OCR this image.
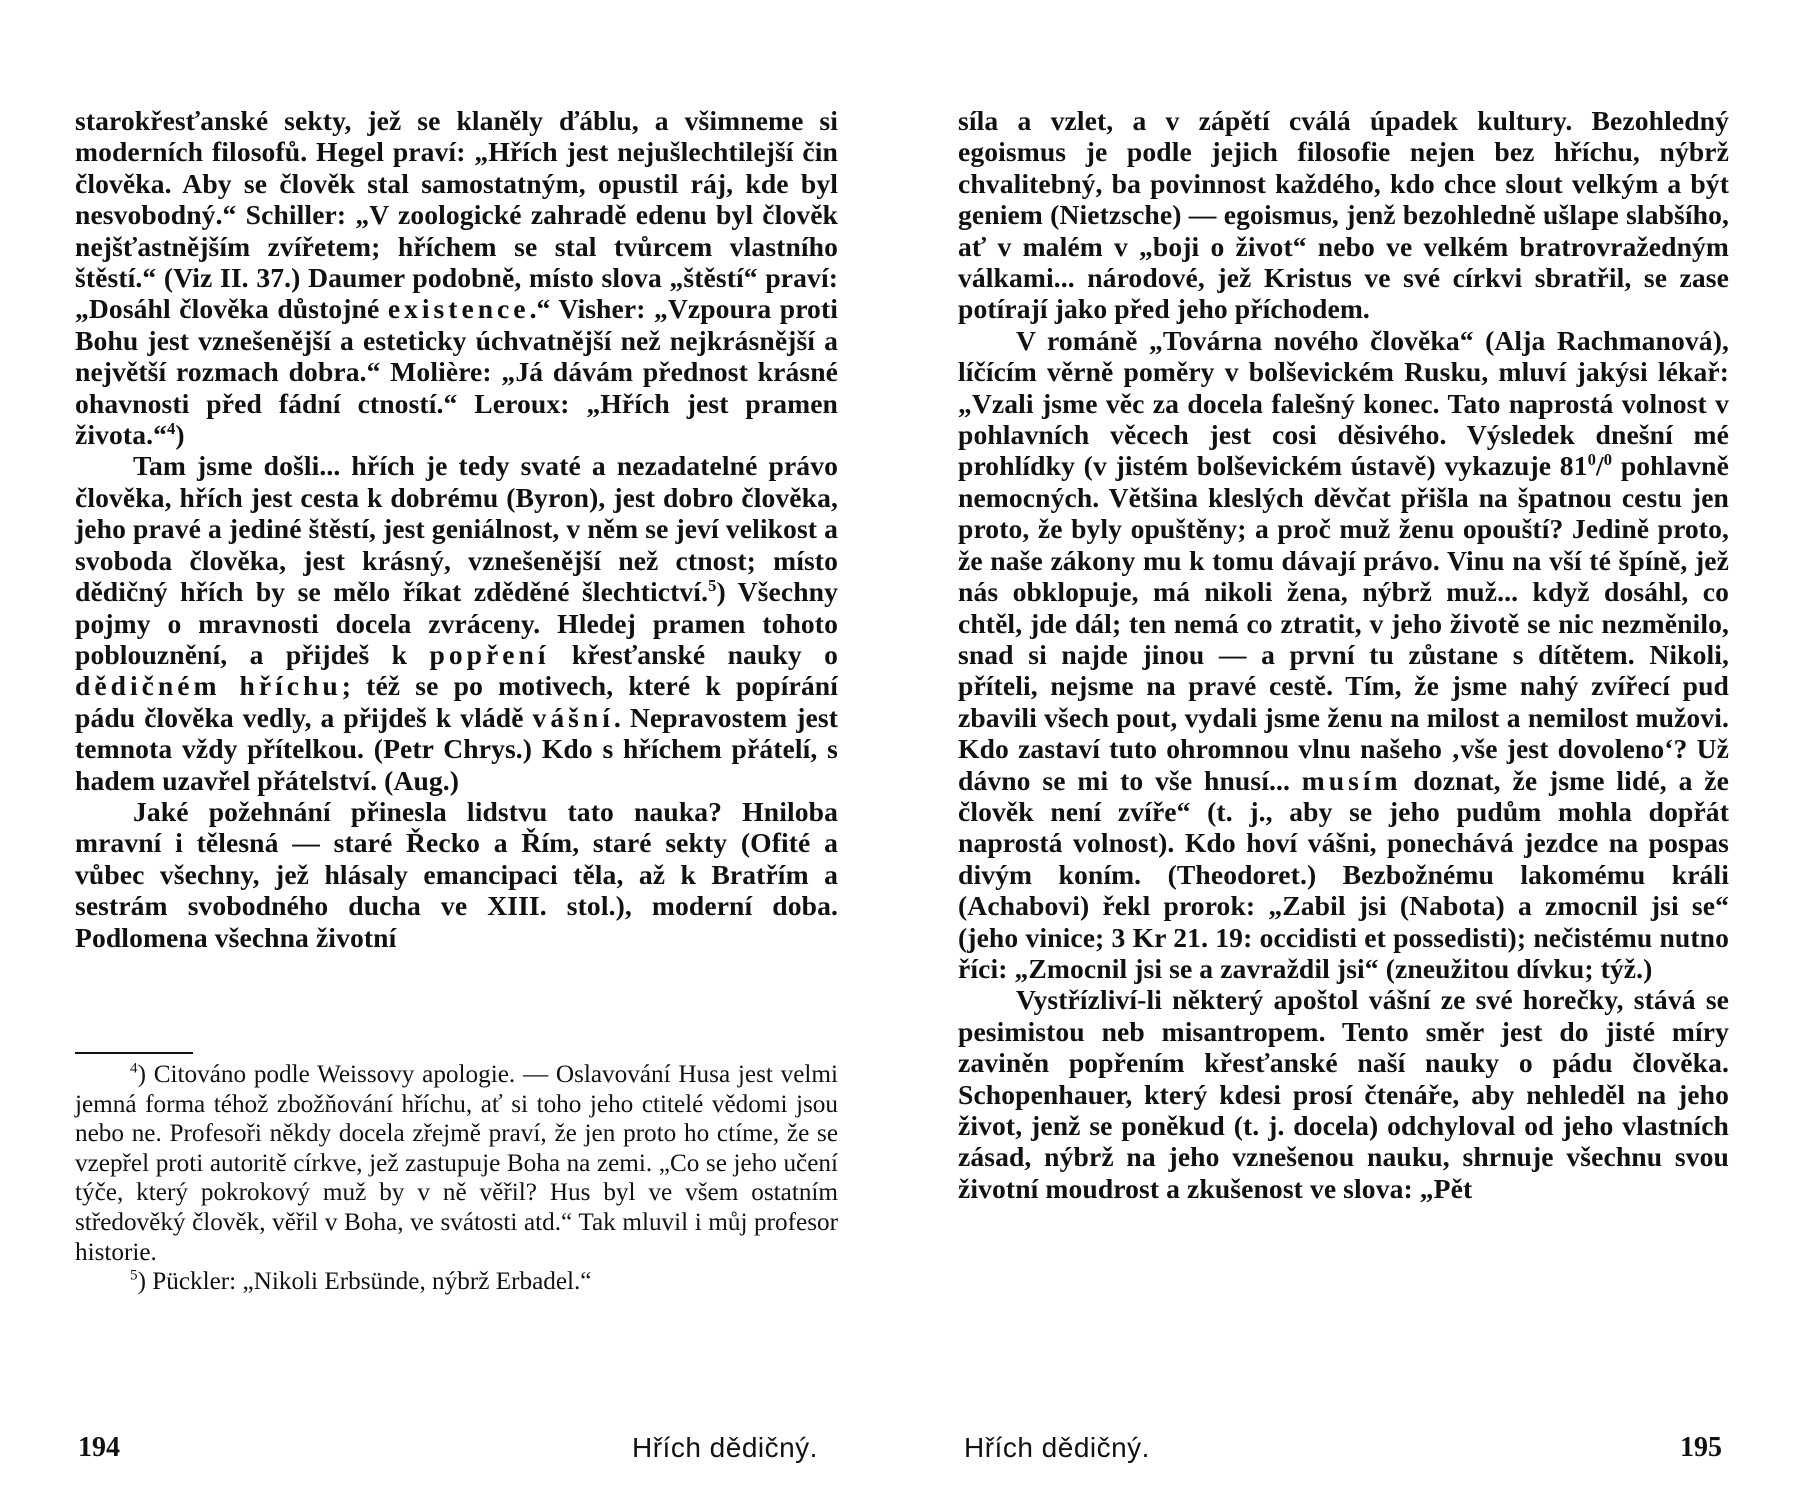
starokřesťanské sekty, jež se klaněly ďáblu, a všimneme si moderních filosofů. Hegel praví: „Hřích jest nejušlechtilejší čin člověka. Aby se člověk stal samostatným, opustil ráj, kde byl nesvobodný.“ Schiller: „V zoologické zahradě edenu byl člověk nejšťastnějším zvířetem; hříchem se stal tvůrcem vlastního štěstí.“ (Viz II. 37.) Daumer podobně, místo slova „štěstí“ praví: „Dosáhl člověka důstojné existence.“ Visher: „Vzpoura proti Bohu jest vznešenější a esteticky úchvatnější než nejkrásnější a největší rozmach dobra.“ Molière: „Já dávám přednost krásné ohavnosti před fádní ctností.“ Leroux: „Hřích jest pramen života.“$^4$)

Tam jsme došli... hřích je tedy svaté a nezadatelné právo člověka, hřích jest cesta k dobrému (Byron), jest dobro člověka, jeho pravé a jediné štěstí, jest geniálnost, v něm se jeví velikost a svoboda člověka, jest krásný, vznešenější než ctnost; místo dědičný hřích by se mělo říkat zděděné šlechtictví.$^5$) Všechny pojmy o mravnosti docela zvráceny. Hledej pramen tohoto poblouznění, a přijdeš k popření křesťanské nauky o dědičném hříchu; též se po motivech, které k popírání pádu člověka vedly, a přijdeš k vládě vášní. Nepravostem jest temnota vždy přítelkou. (Petr Chrys.) Kdo s hříchem přátelí, s hadem uzavřel přátelství. (Aug.)

Jaké požehnání přinesla lidstvu tato nauka? Hniloba mravní i tělesná — staré Řecko a Řím, staré sekty (Ofité a vůbec všechny, jež hlásaly emancipaci těla, až k Bratřím a sestrám svobodného ducha ve XIII. stol.), moderní doba. Podlomena všechna životní

$^4$) Citováno podle Weissovy apologie. — Oslavování Husa jest velmi jemná forma téhož zbožňování hříchu, ať si toho jeho ctitelé vědomi jsou nebo ne. Profesoři někdy docela zřejmě praví, že jen proto ho ctíme, že se vzepřel proti autoritě církve, jež zastupuje Boha na zemi. „Co se jeho učení týče, který pokrokový muž by v ně věřil? Hus byl ve všem ostatním středověký člověk, věřil v Boha, ve svátosti atd.“ Tak mluvil i můj profesor historie.

$^5$) Pückler: „Nikoli Erbsünde, nýbrž Erbadel.“

194	Hřích dědičný.

síla a vzlet, a v zápětí cválá úpadek kultury. Bezohledný egoismus je podle jejich filosofie nejen bez hříchu, nýbrž chvalitebný, ba povinnost každého, kdo chce slout velkým a být geniem (Nietzsche) — egoismus, jenž bezohledně ušlape slabšího, ať v malém v „boji o život“ nebo ve velkém bratrovražedným válkami... národové, jež Kristus ve své církvi sbratřil, se zase potírají jako před jeho příchodem.

V románě „Továrna nového člověka“ (Alja Rachmanová), líčícím věrně poměry v bolševickém Rusku, mluví jakýsi lékař: „Vzali jsme věc za docela falešný konec. Tato naprostá volnost v pohlavních věcech jest cosi děsivého. Výsledek dnešní mé prohlídky (v jistém bolševickém ústavě) vykazuje $81^0/^0$ pohlavně nemocných. Většina kleslých děvčat přišla na špatnou cestu jen proto, že byly opuštěny; a proč muž ženu opouští? Jedině proto, že naše zákony mu k tomu dávají právo. Vinu na vší té špíně, jež nás obklopuje, má nikoli žena, nýbrž muž... když dosáhl, co chtěl, jde dál; ten nemá co ztratit, v jeho životě se nic nezměnilo, snad si najde jinou — a první tu zůstane s dítětem. Nikoli, příteli, nejsme na pravé cestě. Tím, že jsme nahý zvířecí pud zbavili všech pout, vydali jsme ženu na milost a nemilost mužovi. Kdo zastaví tuto ohromnou vlnu našeho ‚vše jest dovoleno‘? Už dávno se mi to vše hnusí... musím doznat, že jsme lidé, a že člověk není zvíře“ (t. j., aby se jeho pudům mohla dopřát naprostá volnost). Kdo hoví vášni, ponechává jezdce na pospas divým koním. (Theodoret.) Bezbožnému lakomému králi (Achabovi) řekl prorok: „Zabil jsi (Nabota) a zmocnil jsi se“ (jeho vinice; 3 Kr 21. 19: occidisti et possedisti); nečistému nutno říci: „Zmocnil jsi se a zavraždil jsi“ (zneužitou dívku; týž.)

Vystřízliví-li některý apoštol vášní ze své horečky, stává se pesimistou neb misantropem. Tento směr jest do jisté míry zaviněn popřením křesťanské naší nauky o pádu člověka. Schopenhauer, který kdesi prosí čtenáře, aby nehleděl na jeho život, jenž se poněkud (t. j. docela) odchyloval od jeho vlastních zásad, nýbrž na jeho vznešenou nauku, shrnuje všechnu svou životní moudrost a zkušenost ve slova: „Pět

Hřích dědičný.	195
